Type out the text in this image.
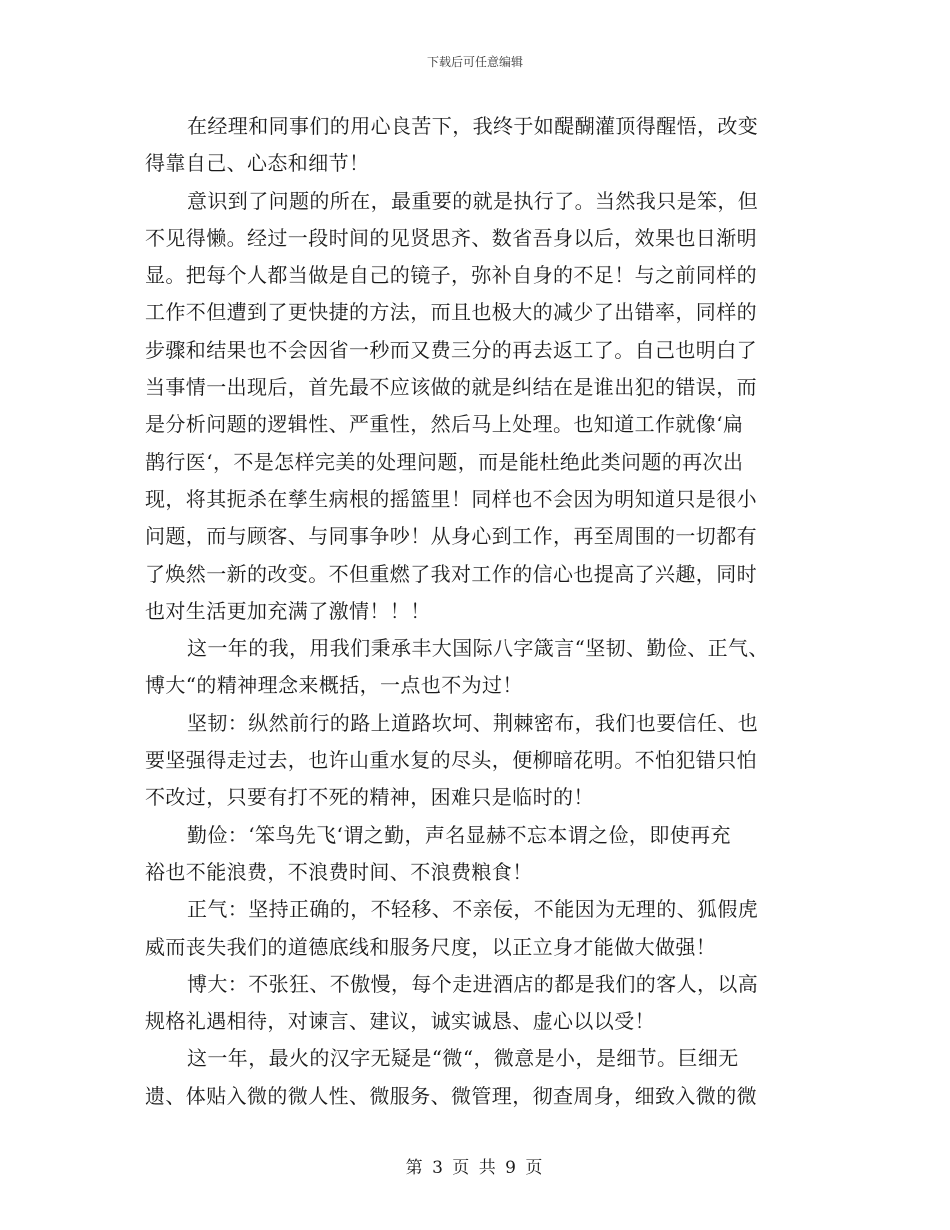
下载后可任意编辑
在经理和同事们的用心良苦下，我终于如醍醐灌顶得醒悟，改变
得靠自己、心态和细节！
意识到了问题的所在，最重要的就是执行了。当然我只是笨，但
不见得懒。经过一段时间的见贤思齐、数省吾身以后，效果也日渐明
显。把每个人都当做是自己的镜子，弥补自身的不足！与之前同样的
工作不但遭到了更快捷的方法，而且也极大的减少了出错率，同样的
步骤和结果也不会因省一秒而又费三分的再去返工了。自己也明白了
当事情一出现后，首先最不应该做的就是纠结在是谁出犯的错误，而
是分析问题的逻辑性、严重性，然后马上处理。也知道工作就像‘扁
鹊行医‘，不是怎样完美的处理问题，而是能杜绝此类问题的再次出
现，将其扼杀在孳生病根的摇篮里！同样也不会因为明知道只是很小
问题，而与顾客、与同事争吵！从身心到工作，再至周围的一切都有
了焕然一新的改变。不但重燃了我对工作的信心也提高了兴趣，同时
也对生活更加充满了激情！！！
这一年的我，用我们秉承丰大国际八字箴言“坚韧、勤俭、正气、
博大“的精神理念来概括，一点也不为过！
坚韧：纵然前行的路上道路坎坷、荆棘密布，我们也要信任、也
要坚强得走过去，也许山重水复的尽头，便柳暗花明。不怕犯错只怕
不改过，只要有打不死的精神，困难只是临时的！
勤俭：‘笨鸟先飞‘谓之勤，声名显赫不忘本谓之俭，即使再充
裕也不能浪费，不浪费时间、不浪费粮食！
正气：坚持正确的，不轻移、不亲佞，不能因为无理的、狐假虎
威而丧失我们的道德底线和服务尺度，以正立身才能做大做强！
博大：不张狂、不傲慢，每个走进酒店的都是我们的客人，以高
规格礼遇相待，对谏言、建议，诚实诚恳、虚心以以受！
这一年，最火的汉字无疑是“微“，微意是小，是细节。巨细无
遗、体贴入微的微人性、微服务、微管理，彻查周身，细致入微的微
第 3 页 共 9 页
